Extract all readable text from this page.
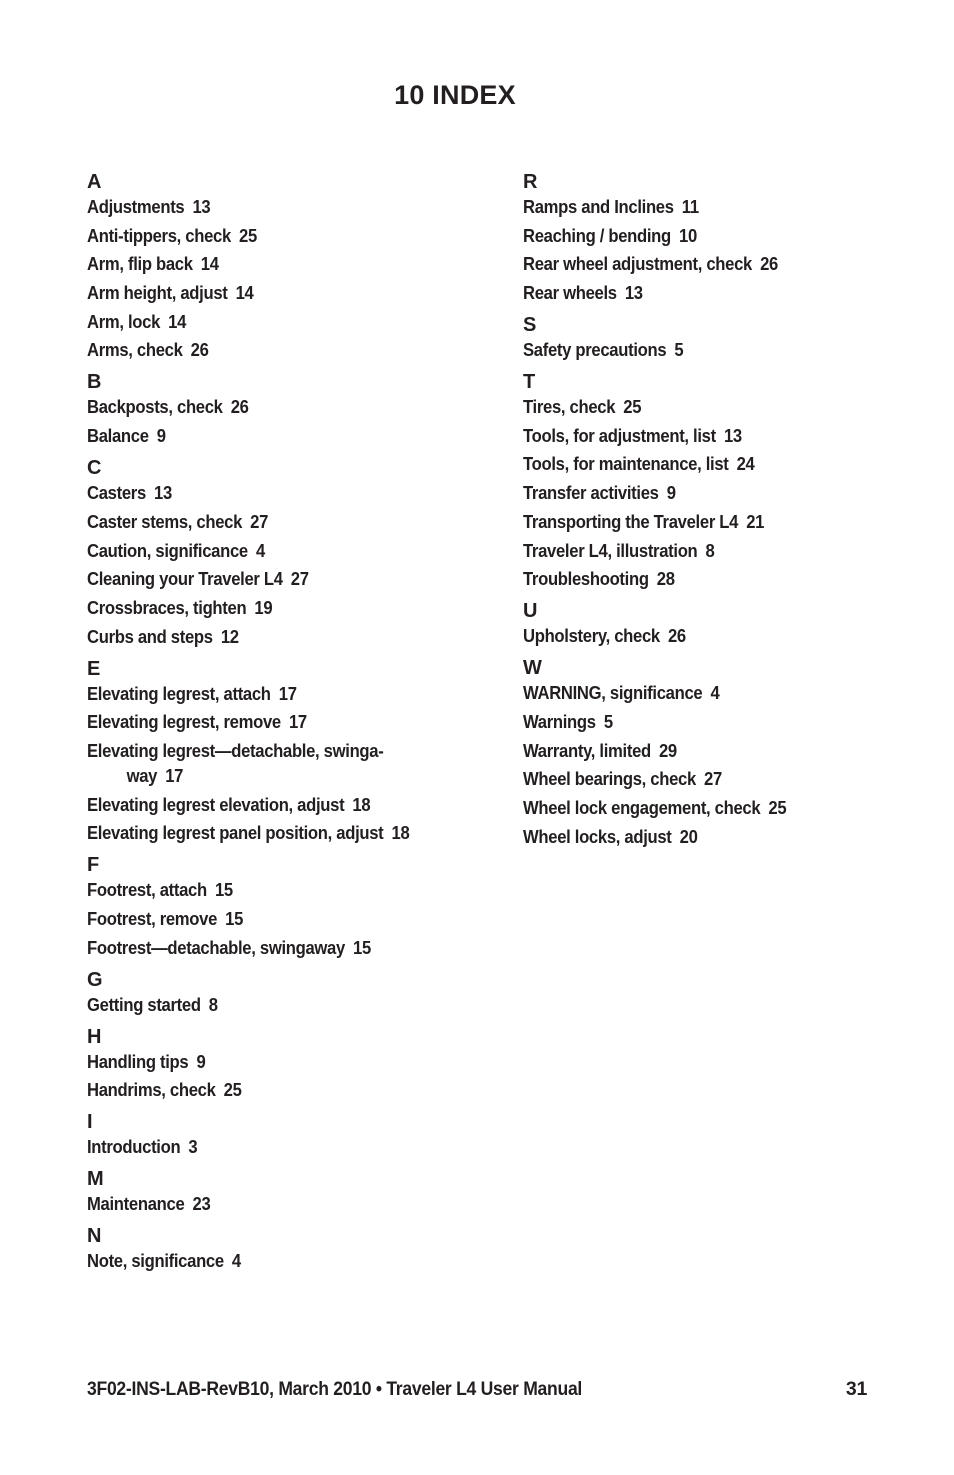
10 INDEX
A
Adjustments 13
Anti-tippers, check 25
Arm, flip back 14
Arm height, adjust 14
Arm, lock 14
Arms, check 26
B
Backposts, check 26
Balance 9
C
Casters 13
Caster stems, check 27
Caution, significance 4
Cleaning your Traveler L4 27
Crossbraces, tighten 19
Curbs and steps 12
E
Elevating legrest, attach 17
Elevating legrest, remove 17
Elevating legrest—detachable, swinga-way 17
Elevating legrest elevation, adjust 18
Elevating legrest panel position, adjust 18
F
Footrest, attach 15
Footrest, remove 15
Footrest—detachable, swingaway 15
G
Getting started 8
H
Handling tips 9
Handrims, check 25
I
Introduction 3
M
Maintenance 23
N
Note, significance 4
R
Ramps and Inclines 11
Reaching / bending 10
Rear wheel adjustment, check 26
Rear wheels 13
S
Safety precautions 5
T
Tires, check 25
Tools, for adjustment, list 13
Tools, for maintenance, list 24
Transfer activities 9
Transporting the Traveler L4 21
Traveler L4, illustration 8
Troubleshooting 28
U
Upholstery, check 26
W
WARNING, significance 4
Warnings 5
Warranty, limited 29
Wheel bearings, check 27
Wheel lock engagement, check 25
Wheel locks, adjust 20
3F02-INS-LAB-RevB10, March 2010 • Traveler L4 User Manual	31
